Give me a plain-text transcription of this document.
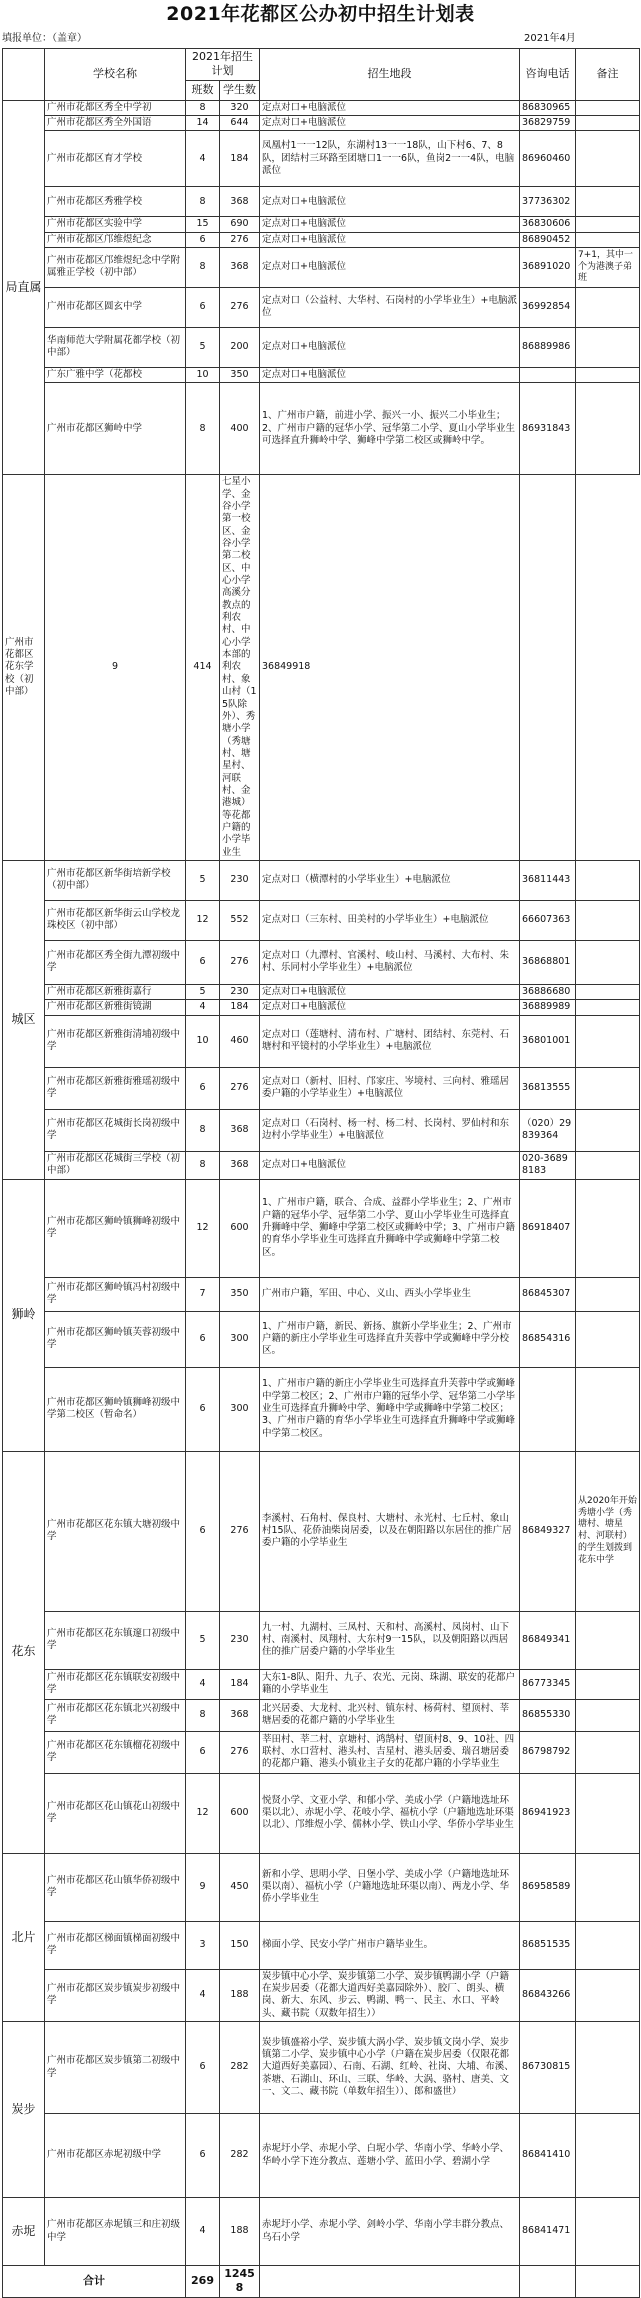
2021年花都区公办初中招生计划表
填报单位：（盖章）	2021年4月
	学校名称	2021年招生计划		招生地段	咨询电话	备注
		班数	学生数			
局直属	广州市花都区秀全中学初	8	320	定点对口+电脑派位	86830965	
	广州市花都区秀全外国语	14	644	定点对口+电脑派位	36829759	
	广州市花都区育才学校	4	184	凤凰村1一一12队，东湖村13一一18队，山下村6、7、8队，团结村三环路至团塘口1一一6队，鱼岗2一一4队，电脑派位	86960460	
	广州市花都区秀雅学校	8	368	定点对口+电脑派位	37736302	
	广州市花都区实验中学	15	690	定点对口+电脑派位	36830606	
	广州市花都区邝维煜纪念	6	276	定点对口+电脑派位	86890452	
	广州市花都区邝维煜纪念中学附属雅正学校（初中部）	8	368	定点对口+电脑派位	36891020	7+1，其中一个为港澳子弟班
	广州市花都区圆玄中学	6	276	定点对口（公益村、大华村、石岗村的小学毕业生）+电脑派位	36992854	
	华南师范大学附属花都学校（初中部）	5	200	定点对口+电脑派位	86889986	
	广东广雅中学（花都校	10	350	定点对口+电脑派位		
	广州市花都区狮岭中学	8	400	1、广州市户籍，前进小学、振兴一小、振兴二小毕业生；2、广州市户籍的冠华小学、冠华第二小学、夏山小学毕业生可选择直升狮岭中学、狮峰中学第二校区或狮岭中学。	86931843	
广州市花都区花东学校（初中部）	9	414	七星小学、金谷小学第一校区、金谷小学第二校区、中心小学高溪分教点的利农村、中心小学本部的利农村、象山村（15队除外）、秀塘小学（秀塘村、塘星村、河联村、金港城）等花都户籍的小学毕业生	36849918		
城区	广州市花都区新华街培新学校（初中部）	5	230	定点对口（横潭村的小学毕业生）+电脑派位	36811443	
	广州市花都区新华街云山学校龙珠校区（初中部）	12	552	定点对口（三东村、田美村的小学毕业生）+电脑派位	66607363	
	广州市花都区秀全街九潭初级中学	6	276	定点对口（九潭村、官溪村、岐山村、马溪村、大布村、朱村、乐同村小学毕业生）+电脑派位	36868801	
	广州市花都区新雅街嘉行	5	230	定点对口+电脑派位	36886680	
	广州市花都区新雅街镜湖	4	184	定点对口+电脑派位	36889989	
	广州市花都区新雅街清埔初级中学	10	460	定点对口（莲塘村、清布村、广塘村、团结村、东莞村、石塘村和平镜村的小学毕业生）+电脑派位	36801001	
	广州市花都区新雅街雅瑶初级中学	6	276	定点对口（新村、旧村、邝家庄、岑境村、三向村、雅瑶居委户籍的小学毕业生）+电脑派位	36813555	
	广州市花都区花城街长岗初级中学	8	368	定点对口（石岗村、杨一村、杨二村、长岗村、罗仙村和东边村小学毕业生）+电脑派位	（020）29839364	
	广州市花都区花城街三学校（初中部）	8	368	定点对口+电脑派位	020-36898183	
狮岭	广州市花都区狮岭镇狮峰初级中学	12	600	1、广州市户籍，联合、合成、益群小学毕业生；2、广州市户籍的冠华小学、冠华第二小学、夏山小学毕业生可选择直升狮峰中学、狮峰中学第二校区或狮岭中学；3、广州市户籍的育华小学毕业生可选择直升狮峰中学或狮峰中学第二校区。	86918407	
	广州市花都区狮岭镇冯村初级中学	7	350	广州市户籍，军田、中心、义山、西头小学毕业生	86845307	
	广州市花都区狮岭镇芙蓉初级中学	6	300	1、广州市户籍，新民、新扬、旗新小学毕业生；2、广州市户籍的新庄小学毕业生可选择直升芙蓉中学或狮峰中学分校区。	86854316	
	广州市花都区狮岭镇狮峰初级中学第二校区（暂命名）	6	300	1、广州市户籍的新庄小学毕业生可选择直升芙蓉中学或狮峰中学第二校区；2、广州市户籍的冠华小学、冠华第二小学毕业生可选择直升狮岭中学、狮峰中学或狮峰中学第二校区；3、广州市户籍的育华小学毕业生可选择直升狮峰中学或狮峰中学第二校区。		
花东	广州市花都区花东镇大塘初级中学	6	276	李溪村、石角村、保良村、大塘村、永光村、七丘村、象山村15队、花侨油柴岗居委，以及在朝阳路以东居住的推广居委户籍的小学毕业生	86849327	从2020年开始秀塘小学（秀塘村、塘星村、河联村）的学生划拨到花东中学
	广州市花都区花东镇邃口初级中学	5	230	九一村、九湖村、三凤村、天和村、高溪村、凤岗村、山下村、南溪村、凤翔村、大东村9一15队，以及朝阳路以西居住的推广居委户籍的小学毕业生	86849341	
	广州市花都区花东镇联安初级中学	4	184	大东1-8队、阳升、九子、农光、元岗、珠湖、联安的花都户籍的小学毕业生	86773345	
	广州市花都区花东镇北兴初级中学	8	368	北兴居委、大龙村、北兴村、镇东村、杨荷村、望顶村、莘塘居委的花都户籍的小学毕业生	86855330	
	广州市花都区花东镇榴花初级中学	6	276	莘田村、莘二村、京塘村、鸿鹄村、望顶村8、9、10社、四联村、水口营村、港头村、吉星村、港头居委、瑞召塘居委的花都户籍、港头小镇业主子女的花都户籍的小学毕业生	86798792	
	广州市花都区花山镇花山初级中学	12	600	悦贤小学、文亚小学、和郁小学、美成小学（户籍地选址环渠以北）、赤坭小学、花岐小学、福杭小学（户籍地选址环渠以北）、邝维煜小学、儒林小学、铁山小学、华侨小学毕业生	86941923	
北片	广州市花都区花山镇华侨初级中学	9	450	新和小学、思明小学、日堡小学、美成小学（户籍地选址环渠以南）、福杭小学（户籍地选址环渠以南）、两龙小学、华侨小学毕业生	86958589	
	广州市花都区梯面镇梯面初级中学	3	150	梯面小学、民安小学广州市户籍毕业生。	86851535	
	广州市花都区炭步镇炭步初级中学	4	188	炭步镇中心小学、炭步镇第二小学、炭步镇鸭湖小学（户籍在炭步居委（花都大道西好美嘉园除外）、胶厂、朗头、横岗、新大、东风、步云、鸭湖、鸭一、民主、水口、平岭头、藏书院（双数年招生））	86843266	
炭步	广州市花都区炭步镇第二初级中学	6	282	炭步镇盛裕小学、炭步镇大涡小学、炭步镇文岗小学、炭步镇第二小学、炭步镇中心小学（户籍在炭步居委（仅限花都大道西好美嘉园）、石南、石湖、红岭、社岗、大埔、布溪、茶塘、石湖山、环山、三联、华岭、大涡、骆村、唐美、文一、文二、藏书院（单数年招生））、郎和盛世）	86730815	
	广州市花都区赤坭初级中学	6	282	赤坭圩小学、赤坭小学、白坭小学、华南小学、华岭小学、华岭小学下连分教点、莲塘小学、蓝田小学、碧湖小学	86841410	
赤坭	广州市花都区赤坭镇三和庄初级中学	4	188	赤坭圩小学、赤坭小学、剑岭小学、华南小学丰群分教点、乌石小学	86841471	
合计		269	12458			
